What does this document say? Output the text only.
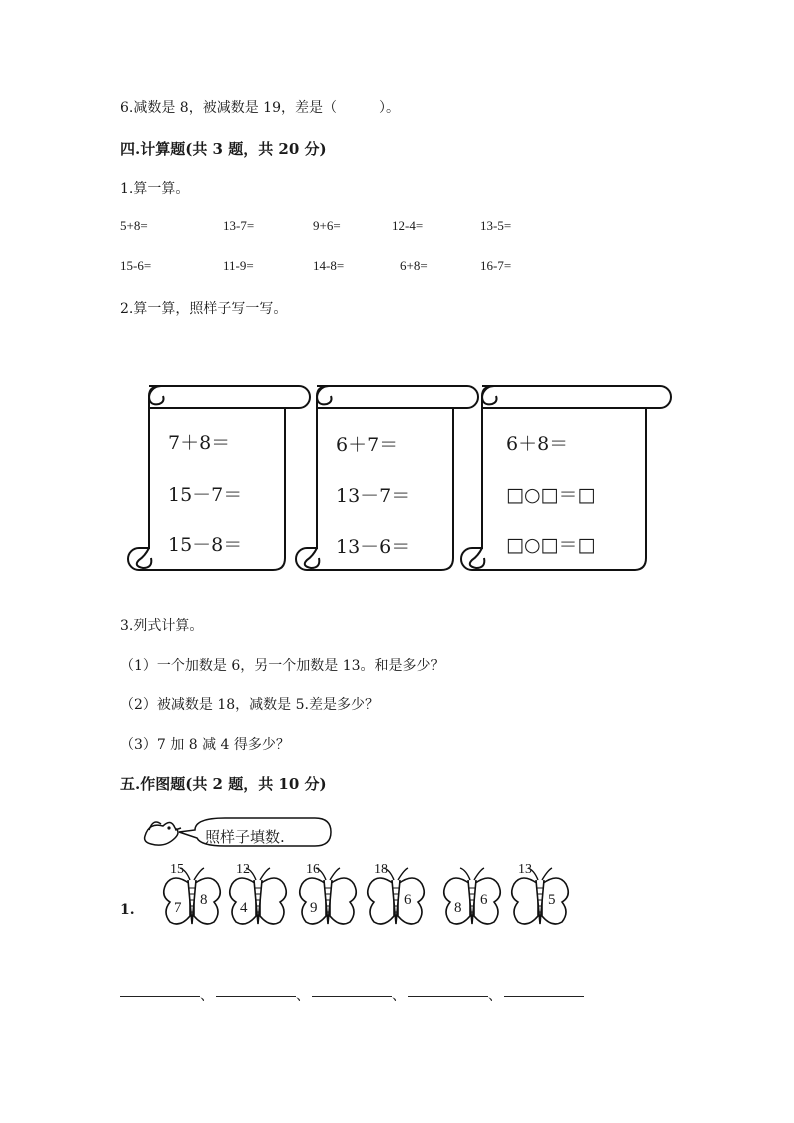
6.减数是 8，被减数是 19，差是（　　　）。
四.计算题(共 3 题，共 20 分)
1.算一算。
5+8=	13-7=	9+6=	12-4=	13-5=
15-6=	11-9=	14-8=	6+8=	16-7=
2.算一算，照样子写一写。
7＋8＝
15－7＝
15－8＝
6＋7＝
13－7＝
13－6＝
6＋8＝
□○□＝□
□○□＝□
3.列式计算。
（1）一个加数是 6，另一个加数是 13。和是多少？
（2）被减数是 18，减数是 5.差是多少？
（3）7 加 8 减 4 得多少？
五.作图题(共 2 题，共 10 分)
照样子填数.
1.
15
7 8
12
4
16
9
18
6	8 6
13
5
、	、	、	、
